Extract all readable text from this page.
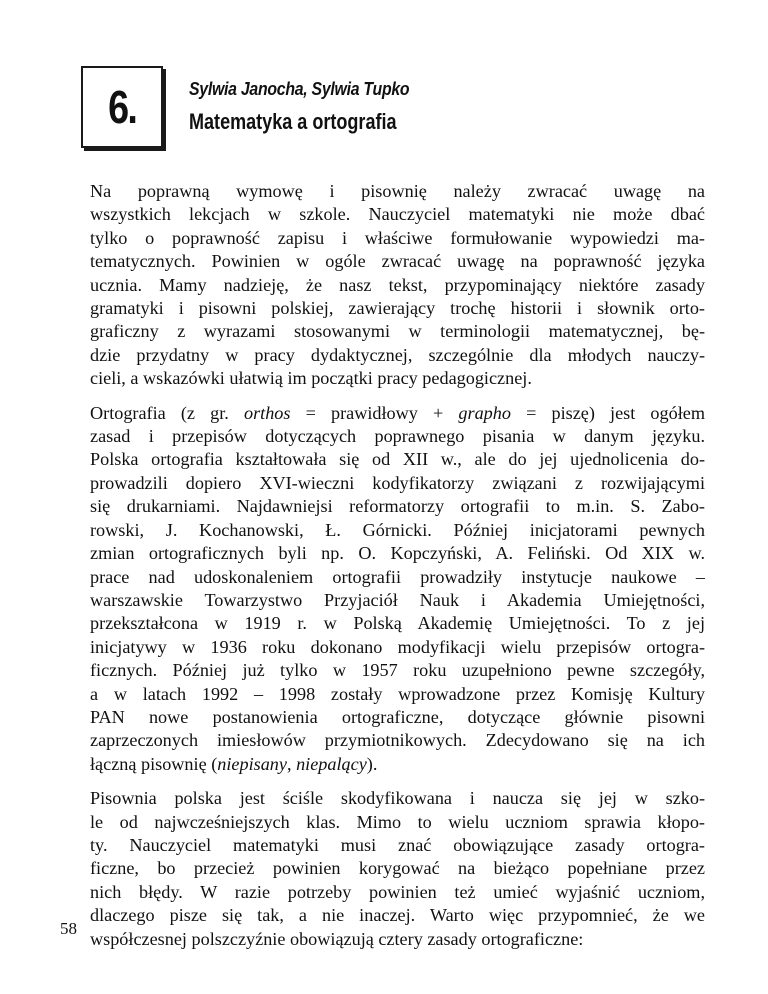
6.	Sylwia Janocha, Sylwia Tupko
Matematyka a ortografia

Na poprawną wymowę i pisownię należy zwracać uwagę na
wszystkich lekcjach w szkole. Nauczyciel matematyki nie może dbać
tylko o poprawność zapisu i właściwe formułowanie wypowiedzi ma-
tematycznych. Powinien w ogóle zwracać uwagę na poprawność języka
ucznia. Mamy nadzieję, że nasz tekst, przypominający niektóre zasady
gramatyki i pisowni polskiej, zawierający trochę historii i słownik orto-
graficzny z wyrazami stosowanymi w terminologii matematycznej, bę-
dzie przydatny w pracy dydaktycznej, szczególnie dla młodych nauczy-
cieli, a wskazówki ułatwią im początki pracy pedagogicznej.

Ortografia (z gr. orthos = prawidłowy + grapho = piszę) jest ogółem
zasad i przepisów dotyczących poprawnego pisania w danym języku.
Polska ortografia kształtowała się od XII w., ale do jej ujednolicenia do-
prowadzili dopiero XVI-wieczni kodyfikatorzy związani z rozwijającymi
się drukarniami. Najdawniejsi reformatorzy ortografii to m.in. S. Zabo-
rowski, J. Kochanowski, Ł. Górnicki. Później inicjatorami pewnych
zmian ortograficznych byli np. O. Kopczyński, A. Feliński. Od XIX w.
prace nad udoskonaleniem ortografii prowadziły instytucje naukowe –
warszawskie Towarzystwo Przyjaciół Nauk i Akademia Umiejętności,
przekształcona w 1919 r. w Polską Akademię Umiejętności. To z jej
inicjatywy w 1936 roku dokonano modyfikacji wielu przepisów ortogra-
ficznych. Później już tylko w 1957 roku uzupełniono pewne szczegóły,
a w latach 1992 – 1998 zostały wprowadzone przez Komisję Kultury
PAN nowe postanowienia ortograficzne, dotyczące głównie pisowni
zaprzeczonych imiesłowów przymiotnikowych. Zdecydowano się na ich
łączną pisownię (niepisany, niepalący).

Pisownia polska jest ściśle skodyfikowana i naucza się jej w szko-
le od najwcześniejszych klas. Mimo to wielu uczniom sprawia kłopo-
ty. Nauczyciel matematyki musi znać obowiązujące zasady ortogra-
ficzne, bo przecież powinien korygować na bieżąco popełniane przez
nich błędy. W razie potrzeby powinien też umieć wyjaśnić uczniom,
dlaczego pisze się tak, a nie inaczej. Warto więc przypomnieć, że we
współczesnej polszczyźnie obowiązują cztery zasady ortograficzne:

58
